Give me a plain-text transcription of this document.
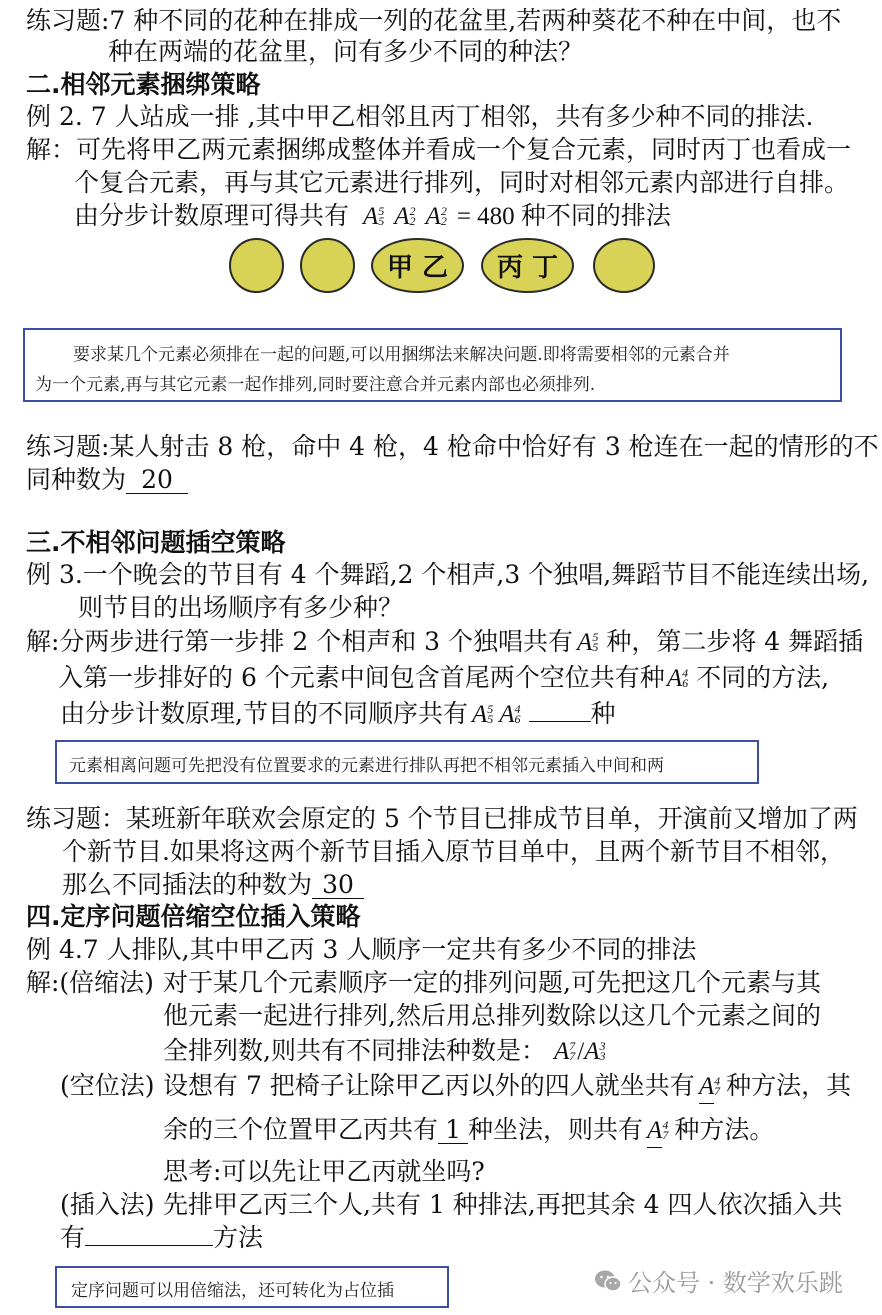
练习题:7 种不同的花种在排成一列的花盆里,若两种葵花不种在中间，也不
种在两端的花盆里，问有多少不同的种法？
二.相邻元素捆绑策略
例 2. 7 人站成一排 ,其中甲乙相邻且丙丁相邻，共有多少种不同的排法.
解：可先将甲乙两元素捆绑成整体并看成一个复合元素，同时丙丁也看成一
个复合元素，再与其它元素进行排列，同时对相邻元素内部进行自排。
由分步计数原理可得共有 A 5
5 A 2
2 A 2
2 = 480 种不同的排法
甲 乙	丙 丁
要求某几个元素必须排在一起的问题,可以用捆绑法来解决问题.即将需要相邻的元素合并
为一个元素,再与其它元素一起作排列,同时要注意合并元素内部也必须排列.
练习题:某人射击 8 枪，命中 4 枪，4 枪命中恰好有 3 枪连在一起的情形的不
同种数为 20
三.不相邻问题插空策略
例 3.一个晚会的节目有 4 个舞蹈,2 个相声,3 个独唱,舞蹈节目不能连续出场,
则节目的出场顺序有多少种？
解:分两步进行第一步排 2 个相声和 3 个独唱共有 A 5
5 种，第二步将 4 舞蹈插
入第一步排好的 6 个元素中间包含首尾两个空位共有种A 4
6 不同的方法,
由分步计数原理,节目的不同顺序共有 A 5
5 A 4
6	种
元素相离问题可先把没有位置要求的元素进行排队再把不相邻元素插入中间和两
练习题：某班新年联欢会原定的 5 个节目已排成节目单，开演前又增加了两
个新节目.如果将这两个新节目插入原节目单中，且两个新节目不相邻，
那么不同插法的种数为 30
四.定序问题倍缩空位插入策略
例 4.7 人排队,其中甲乙丙 3 人顺序一定共有多少不同的排法
解:(倍缩法) 对于某几个元素顺序一定的排列问题,可先把这几个元素与其
他元素一起进行排列,然后用总排列数除以这几个元素之间的
全排列数,则共有不同排法种数是： A 7
7 /A 3
3
(空位法) 设想有 7 把椅子让除甲乙丙以外的四人就坐共有 A 4
7 种方法，其
余的三个位置甲乙丙共有 1 种坐法，则共有 A 4
7 种方法。
思考:可以先让甲乙丙就坐吗?
(插入法) 先排甲乙丙三个人,共有 1 种排法,再把其余 4 四人依次插入共
有	方法
定序问题可以用倍缩法，还可转化为占位插	公众号 · 数学欢乐跳
